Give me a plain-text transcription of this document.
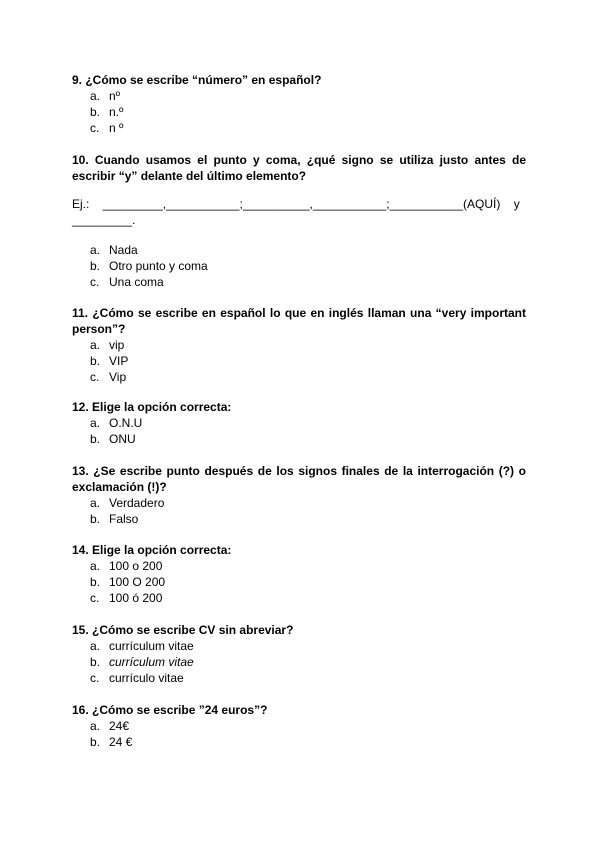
9. ¿Cómo se escribe “número” en español?

a. nº
b. n.º
c. n º

10. Cuando usamos el punto y coma, ¿qué signo se utiliza justo antes de escribir “y” delante del último elemento?

Ej.:    _________,___________;__________,___________;___________(AQUÍ)    y
_________.
a. Nada
b. Otro punto y coma
c. Una coma

11. ¿Cómo se escribe en español lo que en inglés llaman una “very important person”?

a. vip
b. VIP
c. Vip

12. Elige la opción correcta:

a. O.N.U
b. ONU

13. ¿Se escribe punto después de los signos finales de la interrogación (?) o exclamación (!)?

a. Verdadero
b. Falso

14. Elige la opción correcta:

a. 100 o 200
b. 100 O 200
c. 100 ó 200

15. ¿Cómo se escribe CV sin abreviar?

a. currículum vitae
b. currículum vitae
c. currículo vitae

16. ¿Cómo se escribe ”24 euros”?

a. 24€
b. 24 €
